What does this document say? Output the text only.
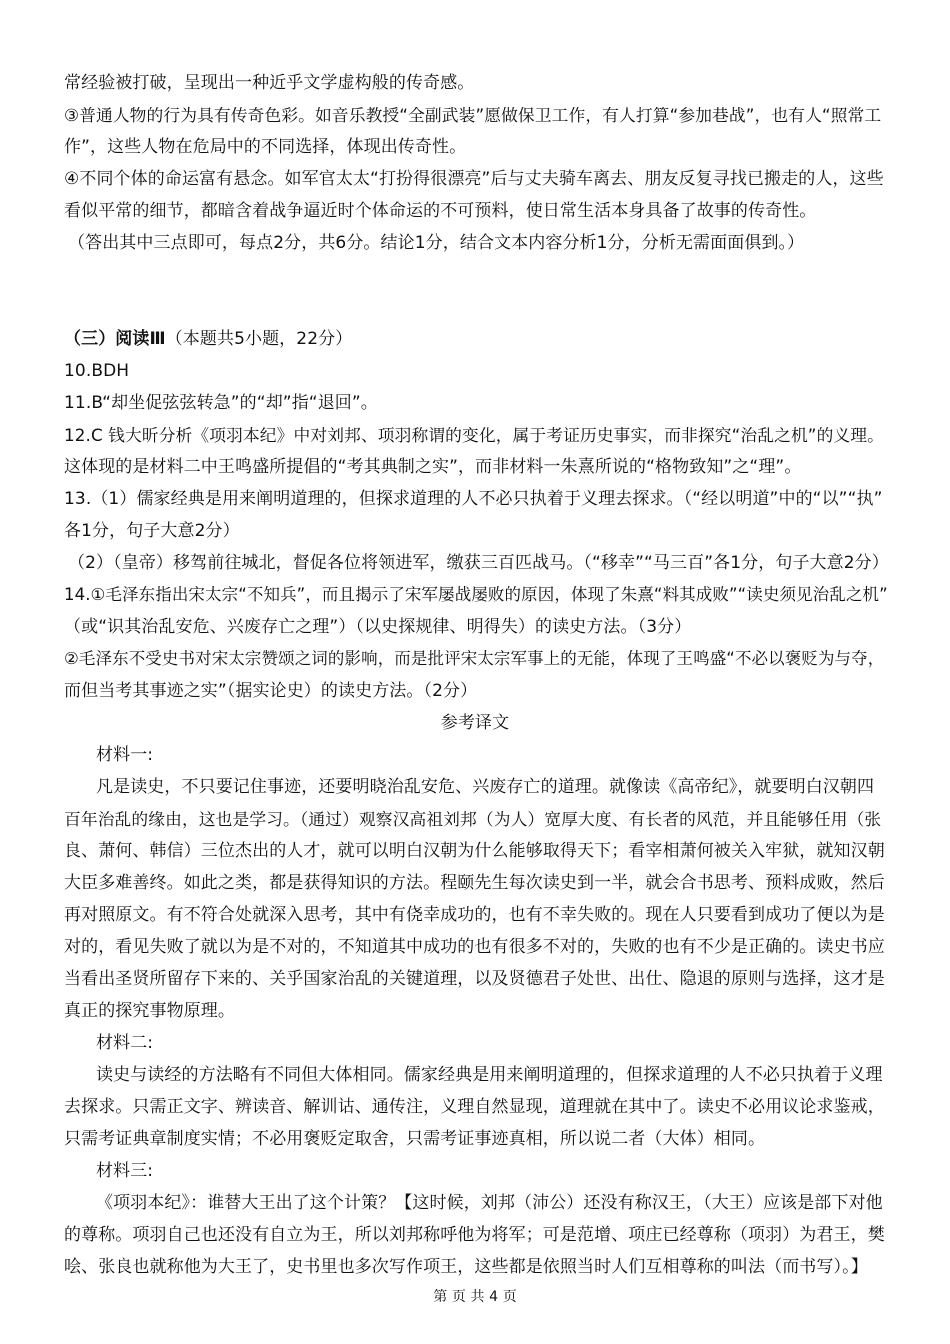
常经验被打破，呈现出一种近乎文学虚构般的传奇感。
③普通人物的行为具有传奇色彩。如音乐教授“全副武装”愿做保卫工作，有人打算“参加巷战”，也有人“照常工
作”，这些人物在危局中的不同选择，体现出传奇性。
④不同个体的命运富有悬念。如军官太太“打扮得很漂亮”后与丈夫骑车离去、朋友反复寻找已搬走的人，这些
看似平常的细节，都暗含着战争逼近时个体命运的不可预料，使日常生活本身具备了故事的传奇性。
（答出其中三点即可，每点2分，共6分。结论1分，结合文本内容分析1分，分析无需面面俱到。）
（三）阅读Ⅲ（本题共5小题，22分）
10.BDH
11.B“却坐促弦弦转急”的“却”指“退回”。
12.C 钱大昕分析《项羽本纪》中对刘邦、项羽称谓的变化，属于考证历史事实，而非探究“治乱之机”的义理。
这体现的是材料二中王鸣盛所提倡的“考其典制之实”，而非材料一朱熹所说的“格物致知”之“理”。
13.（1）儒家经典是用来阐明道理的，但探求道理的人不必只执着于义理去探求。（“经以明道”中的“以”“执”
各1分，句子大意2分）
（2）（皇帝）移驾前往城北，督促各位将领进军，缴获三百匹战马。（“移幸”“马三百”各1分，句子大意2分）
14.①毛泽东指出宋太宗“不知兵”，而且揭示了宋军屡战屡败的原因，体现了朱熹“料其成败”“读史须见治乱之机”
（或“识其治乱安危、兴废存亡之理”）（以史探规律、明得失）的读史方法。（3分）
②毛泽东不受史书对宋太宗赞颂之词的影响，而是批评宋太宗军事上的无能，体现了王鸣盛“不必以褒贬为与夺，
而但当考其事迹之实”（据实论史）的读史方法。（2分）
参考译文
材料一:
凡是读史，不只要记住事迹，还要明晓治乱安危、兴废存亡的道理。就像读《高帝纪》，就要明白汉朝四
百年治乱的缘由，这也是学习。（通过）观察汉高祖刘邦（为人）宽厚大度、有长者的风范，并且能够任用（张
良、萧何、韩信）三位杰出的人才，就可以明白汉朝为什么能够取得天下；看宰相萧何被关入牢狱，就知汉朝
大臣多难善终。如此之类，都是获得知识的方法。程颐先生每次读史到一半，就会合书思考、预料成败，然后
再对照原文。有不符合处就深入思考，其中有侥幸成功的，也有不幸失败的。现在人只要看到成功了便以为是
对的，看见失败了就以为是不对的，不知道其中成功的也有很多不对的，失败的也有不少是正确的。读史书应
当看出圣贤所留存下来的、关乎国家治乱的关键道理，以及贤德君子处世、出仕、隐退的原则与选择，这才是
真正的探究事物原理。
材料二:
读史与读经的方法略有不同但大体相同。儒家经典是用来阐明道理的，但探求道理的人不必只执着于义理
去探求。只需正文字、辨读音、解训诂、通传注，义理自然显现，道理就在其中了。读史不必用议论求鉴戒，
只需考证典章制度实情；不必用褒贬定取舍，只需考证事迹真相，所以说二者（大体）相同。
材料三:
《项羽本纪》：谁替大王出了这个计策？【这时候，刘邦（沛公）还没有称汉王，（大王）应该是部下对他
的尊称。项羽自己也还没有自立为王，所以刘邦称呼他为将军；可是范增、项庄已经尊称（项羽）为君王，樊
哙、张良也就称他为大王了，史书里也多次写作项王，这些都是依照当时人们互相尊称的叫法（而书写）。】
第 页 共 4 页
